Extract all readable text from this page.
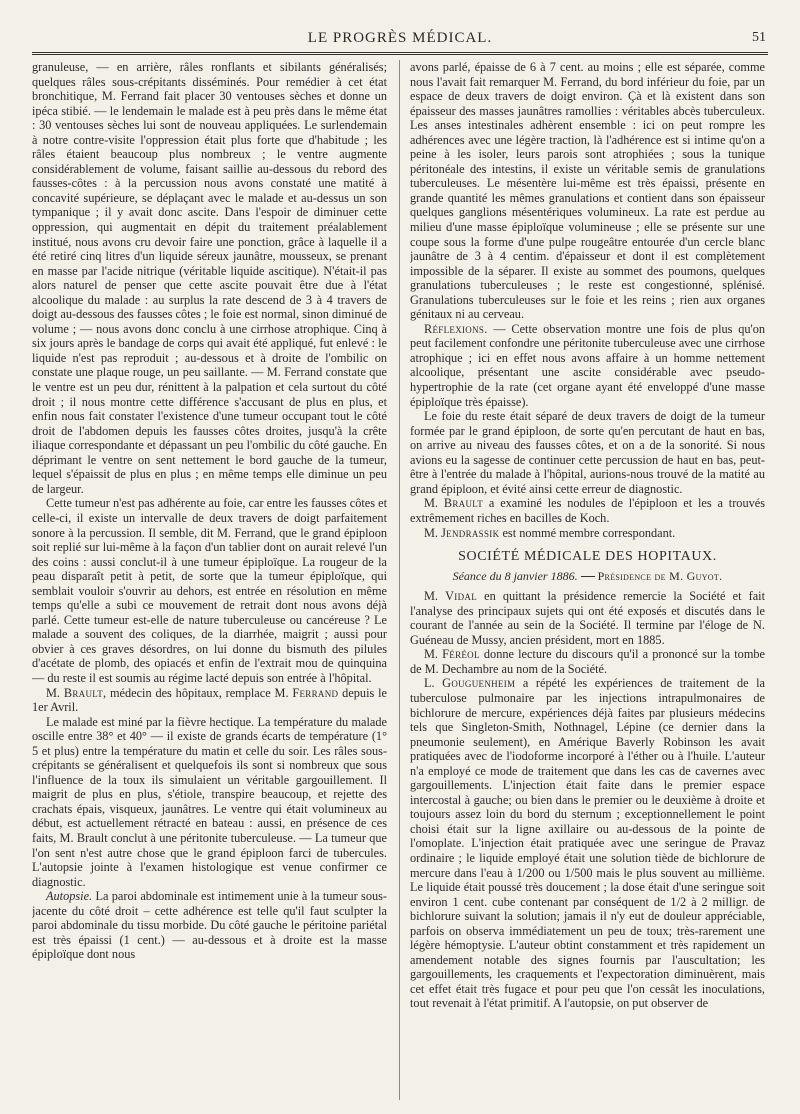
LE PROGRÈS MÉDICAL.	51

granuleuse, — en arrière, râles ronflants et sibilants généralisés; quelques râles sous-crépitants disséminés. Pour remédier à cet état bronchitique, M. Ferrand fait placer 30 ventouses sèches et donne un ipéca stibié. — le lendemain le malade est à peu près dans le même état : 30 ventouses sèches lui sont de nouveau appliquées. Le surlendemain à notre contre-visite l'oppression était plus forte que d'habitude ; les râles étaient beaucoup plus nombreux ; le ventre augmente considérablement de volume, faisant saillie au-dessous du rebord des fausses-côtes : à la percussion nous avons constaté une matité à concavité supérieure, se déplaçant avec le malade et au-dessus un son tympanique ; il y avait donc ascite. Dans l'espoir de diminuer cette oppression, qui augmentait en dépit du traitement préalablement institué, nous avons cru devoir faire une ponction, grâce à laquelle il a été retiré cinq litres d'un liquide séreux jaunâtre, mousseux, se prenant en masse par l'acide nitrique (véritable liquide ascitique). N'était-il pas alors naturel de penser que cette ascite pouvait être due à l'état alcoolique du malade : au surplus la rate descend de 3 à 4 travers de doigt au-dessous des fausses côtes ; le foie est normal, sinon diminué de volume ; — nous avons donc conclu à une cirrhose atrophique. Cinq à six jours après le bandage de corps qui avait été appliqué, fut enlevé : le liquide n'est pas reproduit ; au-dessous et à droite de l'ombilic on constate une plaque rouge, un peu saillante. — M. Ferrand constate que le ventre est un peu dur, rénittent à la palpation et cela surtout du côté droit ; il nous montre cette différence s'accusant de plus en plus, et enfin nous fait constater l'existence d'une tumeur occupant tout le côté droit de l'abdomen depuis les fausses côtes droites, jusqu'à la crête iliaque correspondante et dépassant un peu l'ombilic du côté gauche. En déprimant le ventre on sent nettement le bord gauche de la tumeur, lequel s'épaissit de plus en plus ; en même temps elle diminue un peu de largeur.

Cette tumeur n'est pas adhérente au foie, car entre les fausses côtes et celle-ci, il existe un intervalle de deux travers de doigt parfaitement sonore à la percussion. Il semble, dit M. Ferrand, que le grand épiploon soit replié sur lui-même à la façon d'un tablier dont on aurait relevé l'un des coins : aussi conclut-il à une tumeur épiploïque. La rougeur de la peau disparaît petit à petit, de sorte que la tumeur épiploïque, qui semblait vouloir s'ouvrir au dehors, est entrée en résolution en même temps qu'elle a subi ce mouvement de retrait dont nous avons déjà parlé. Cette tumeur est-elle de nature tuberculeuse ou cancéreuse ? Le malade a souvent des coliques, de la diarrhée, maigrit ; aussi pour obvier à ces graves désordres, on lui donne du bismuth des pilules d'acétate de plomb, des opiacés et enfin de l'extrait mou de quinquina — du reste il est soumis au régime lacté depuis son entrée à l'hôpital.

M. Brault, médecin des hôpitaux, remplace M. Ferrand depuis le 1er Avril.

Le malade est miné par la fièvre hectique. La température du malade oscille entre 38° et 40° — il existe de grands écarts de température (1° 5 et plus) entre la température du matin et celle du soir. Les râles sous-crépitants se généralisent et quelquefois ils sont si nombreux que sous l'influence de la toux ils simulaient un véritable gargouillement. Il maigrit de plus en plus, s'étiole, transpire beaucoup, et rejette des crachats épais, visqueux, jaunâtres. Le ventre qui était volumineux au début, est actuellement rétracté en bateau : aussi, en présence de ces faits, M. Brault conclut à une péritonite tuberculeuse. — La tumeur que l'on sent n'est autre chose que le grand épiploon farci de tubercules. L'autopsie jointe à l'examen histologique est venue confirmer ce diagnostic.

Autopsie. La paroi abdominale est intimement unie à la tumeur sous-jacente du côté droit – cette adhérence est telle qu'il faut sculpter la paroi abdominale du tissu morbide. Du côté gauche le péritoine pariétal est très épaissi (1 cent.) — au-dessous et à droite est la masse épiploïque dont nous

avons parlé, épaisse de 6 à 7 cent. au moins ; elle est séparée, comme nous l'avait fait remarquer M. Ferrand, du bord inférieur du foie, par un espace de deux travers de doigt environ. Çà et là existent dans son épaisseur des masses jaunâtres ramollies : véritables abcès tuberculeux. Les anses intestinales adhèrent ensemble : ici on peut rompre les adhérences avec une légère traction, là l'adhérence est si intime qu'on a peine à les isoler, leurs parois sont atrophiées ; sous la tunique péritonéale des intestins, il existe un véritable semis de granulations tuberculeuses. Le mésentère lui-même est très épaissi, présente en grande quantité les mêmes granulations et contient dans son épaisseur quelques ganglions mésentériques volumineux. La rate est perdue au milieu d'une masse épiploïque volumineuse ; elle se présente sur une coupe sous la forme d'une pulpe rougeâtre entourée d'un cercle blanc jaunâtre de 3 à 4 centim. d'épaisseur et dont il est complètement impossible de la séparer. Il existe au sommet des poumons, quelques granulations tuberculeuses ; le reste est congestionné, splénisé. Granulations tuberculeuses sur le foie et les reins ; rien aux organes génitaux ni au cerveau.

Réflexions. — Cette observation montre une fois de plus qu'on peut facilement confondre une péritonite tuberculeuse avec une cirrhose atrophique ; ici en effet nous avons affaire à un homme nettement alcoolique, présentant une ascite considérable avec pseudo-hypertrophie de la rate (cet organe ayant été enveloppé d'une masse épiploïque très épaisse).

Le foie du reste était séparé de deux travers de doigt de la tumeur formée par le grand épiploon, de sorte qu'en percutant de haut en bas, on arrive au niveau des fausses côtes, et on a de la sonorité. Si nous avions eu la sagesse de continuer cette percussion de haut en bas, peut-être à l'entrée du malade à l'hôpital, aurions-nous trouvé de la matité au grand épiploon, et évité ainsi cette erreur de diagnostic.

M. Brault a examiné les nodules de l'épiploon et les a trouvés extrêmement riches en bacilles de Koch.

M. Jendrassik est nommé membre correspondant.

SOCIÉTÉ MÉDICALE DES HOPITAUX.
Séance du 8 janvier 1886. Présidence de M. Guyot.

M. Vidal en quittant la présidence remercie la Société et fait l'analyse des principaux sujets qui ont été exposés et discutés dans le courant de l'année au sein de la Société. Il termine par l'éloge de N. Guéneau de Mussy, ancien président, mort en 1885.

M. Féréol donne lecture du discours qu'il a prononcé sur la tombe de M. Dechambre au nom de la Société.

L. Gouguenheim a répété les expériences de traitement de la tuberculose pulmonaire par les injections intrapulmonaires de bichlorure de mercure, expériences déjà faites par plusieurs médecins tels que Singleton-Smith, Nothnagel, Lépine (ce dernier dans la pneumonie seulement), en Amérique Baverly Robinson les avait pratiquées avec de l'iodoforme incorporé à l'éther ou à l'huile. L'auteur n'a employé ce mode de traitement que dans les cas de cavernes avec gargouillements. L'injection était faite dans le premier espace intercostal à gauche; ou bien dans le premier ou le deuxième à droite et toujours assez loin du bord du sternum ; exceptionnellement le point choisi était sur la ligne axillaire ou au-dessous de la pointe de l'omoplate. L'injection était pratiquée avec une seringue de Pravaz ordinaire ; le liquide employé était une solution tiède de bichlorure de mercure dans l'eau à 1/200 ou 1/500 mais le plus souvent au millième. Le liquide était poussé très doucement ; la dose était d'une seringue soit environ 1 cent. cube contenant par conséquent de 1/2 à 2 milligr. de bichlorure suivant la solution; jamais il n'y eut de douleur appréciable, parfois on observa immédiatement un peu de toux; très-rarement une légère hémoptysie. L'auteur obtint constamment et très rapidement un amendement notable des signes fournis par l'auscultation; les gargouillements, les craquements et l'expectoration diminuèrent, mais cet effet était très fugace et pour peu que l'on cessât les inoculations, tout revenait à l'état primitif. A l'autopsie, on put observer de
